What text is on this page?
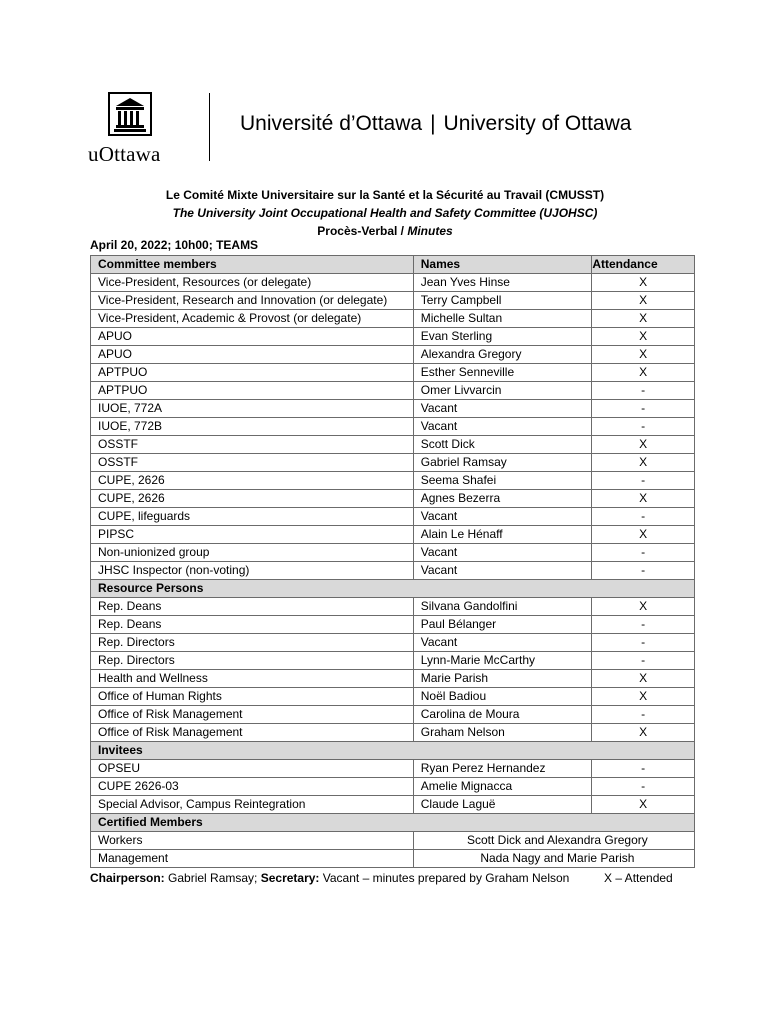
uOttawa
Université d’Ottawa | University of Ottawa
Le Comité Mixte Universitaire sur la Santé et la Sécurité au Travail (CMUSST)
The University Joint Occupational Health and Safety Committee (UJOHSC)
Procès-Verbal / Minutes
April 20, 2022; 10h00; TEAMS
Committee members	Names	Attendance
Vice-President, Resources (or delegate)	Jean Yves Hinse	X
Vice-President, Research and Innovation (or delegate)	Terry Campbell	X
Vice-President, Academic & Provost (or delegate)	Michelle Sultan	X
APUO	Evan Sterling	X
APUO	Alexandra Gregory	X
APTPUO	Esther Senneville	X
APTPUO	Omer Livvarcin	-
IUOE, 772A	Vacant	-
IUOE, 772B	Vacant	-
OSSTF	Scott Dick	X
OSSTF	Gabriel Ramsay	X
CUPE, 2626	Seema Shafei	-
CUPE, 2626	Agnes Bezerra	X
CUPE, lifeguards	Vacant	-
PIPSC	Alain Le Hénaff	X
Non-unionized group	Vacant	-
JHSC Inspector (non-voting)	Vacant	-
Resource Persons		
Rep. Deans	Silvana Gandolfini	X
Rep. Deans	Paul Bélanger	-
Rep. Directors	Vacant	-
Rep. Directors	Lynn-Marie McCarthy	-
Health and Wellness	Marie Parish	X
Office of Human Rights	Noël Badiou	X
Office of Risk Management	Carolina de Moura	-
Office of Risk Management	Graham Nelson	X
Invitees		
OPSEU	Ryan Perez Hernandez	-
CUPE 2626-03	Amelie Mignacca	-
Special Advisor, Campus Reintegration	Claude Laguë	X
Certified Members		
Workers	Scott Dick and Alexandra Gregory	
Management	Nada Nagy and Marie Parish	
Chairperson: Gabriel Ramsay; Secretary: Vacant – minutes prepared by Graham Nelson	X – Attended
